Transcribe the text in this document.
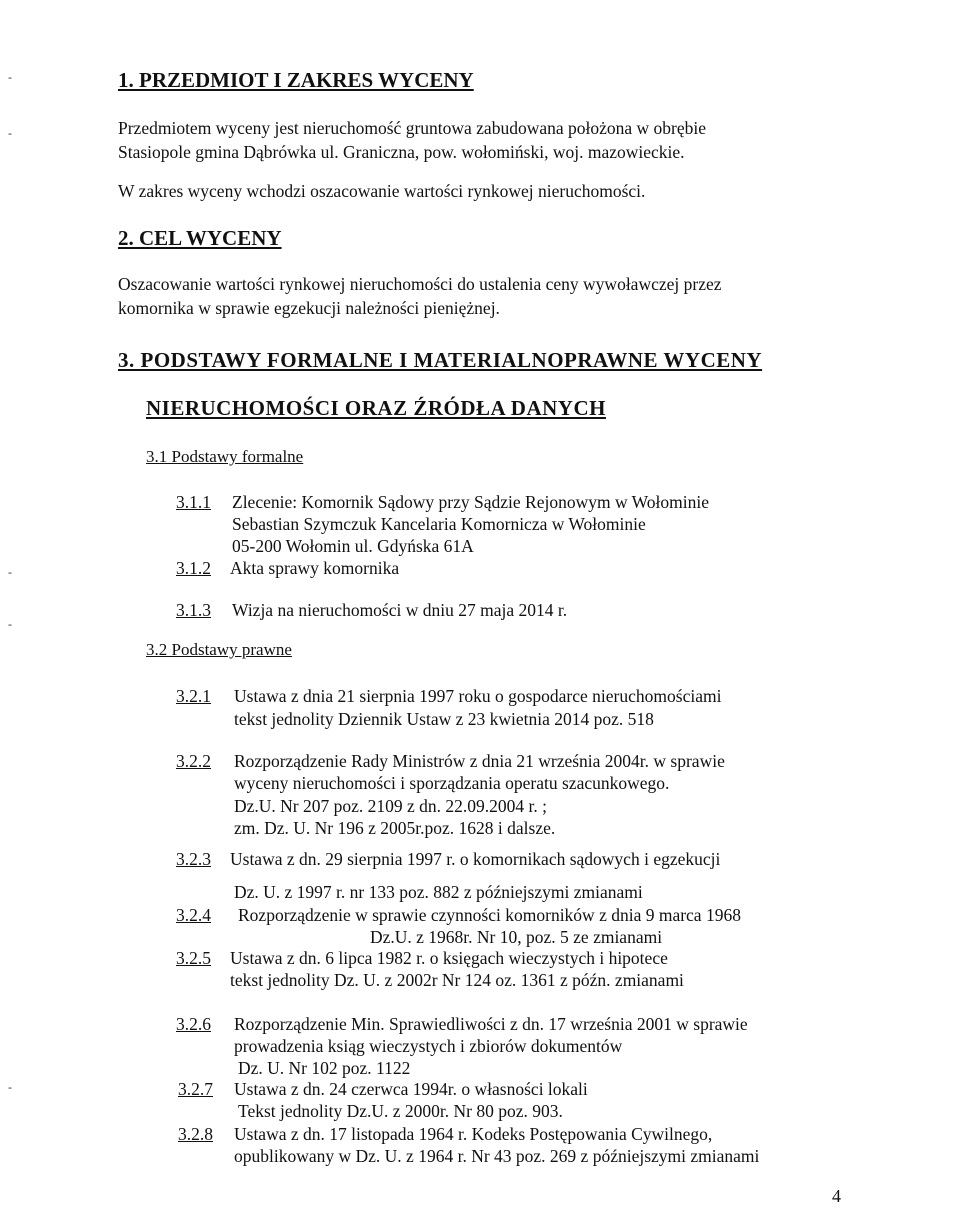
-
-
-
-
-
1. PRZEDMIOT I ZAKRES WYCENY
Przedmiotem wyceny jest nieruchomość gruntowa zabudowana położona w obrębie
Stasiopole gmina Dąbrówka ul. Graniczna, pow. wołomiński, woj. mazowieckie.
W zakres wyceny wchodzi oszacowanie wartości rynkowej nieruchomości.
2. CEL WYCENY
Oszacowanie wartości rynkowej nieruchomości do ustalenia ceny wywoławczej przez
komornika w sprawie egzekucji należności pieniężnej.
3. PODSTAWY FORMALNE I MATERIALNOPRAWNE WYCENY
NIERUCHOMOŚCI ORAZ ŹRÓDŁA DANYCH
3.1 Podstawy formalne
3.1.1 Zlecenie: Komornik Sądowy przy Sądzie Rejonowym w Wołominie
Sebastian Szymczuk Kancelaria Komornicza w Wołominie
05-200 Wołomin ul. Gdyńska 61A
3.1.2 Akta sprawy komornika
3.1.3 Wizja na nieruchomości w dniu 27 maja 2014 r.
3.2 Podstawy prawne
3.2.1 Ustawa z dnia 21 sierpnia 1997 roku o gospodarce nieruchomościami
tekst jednolity Dziennik Ustaw z 23 kwietnia 2014 poz. 518
3.2.2 Rozporządzenie Rady Ministrów z dnia 21 września 2004r. w sprawie
wyceny nieruchomości i sporządzania operatu szacunkowego.
Dz.U. Nr 207 poz. 2109 z dn. 22.09.2004 r. ;
zm. Dz. U. Nr 196 z 2005r.poz. 1628 i dalsze.
3.2.3 Ustawa z dn. 29 sierpnia 1997 r. o komornikach sądowych i egzekucji
Dz. U. z 1997 r. nr 133 poz. 882 z późniejszymi zmianami
3.2.4 Rozporządzenie w sprawie czynności komorników z dnia 9 marca 1968
Dz.U. z 1968r. Nr 10, poz. 5 ze zmianami
3.2.5 Ustawa z dn. 6 lipca 1982 r. o księgach wieczystych i hipotece
tekst jednolity Dz. U. z 2002r Nr 124 oz. 1361 z późn. zmianami
3.2.6 Rozporządzenie Min. Sprawiedliwości z dn. 17 września 2001 w sprawie
prowadzenia ksiąg wieczystych i zbiorów dokumentów
Dz. U. Nr 102 poz. 1122
3.2.7 Ustawa z dn. 24 czerwca 1994r. o własności lokali
Tekst jednolity Dz.U. z 2000r. Nr 80 poz. 903.
3.2.8 Ustawa z dn. 17 listopada 1964 r. Kodeks Postępowania Cywilnego,
opublikowany w Dz. U. z 1964 r. Nr 43 poz. 269 z późniejszymi zmianami
4
